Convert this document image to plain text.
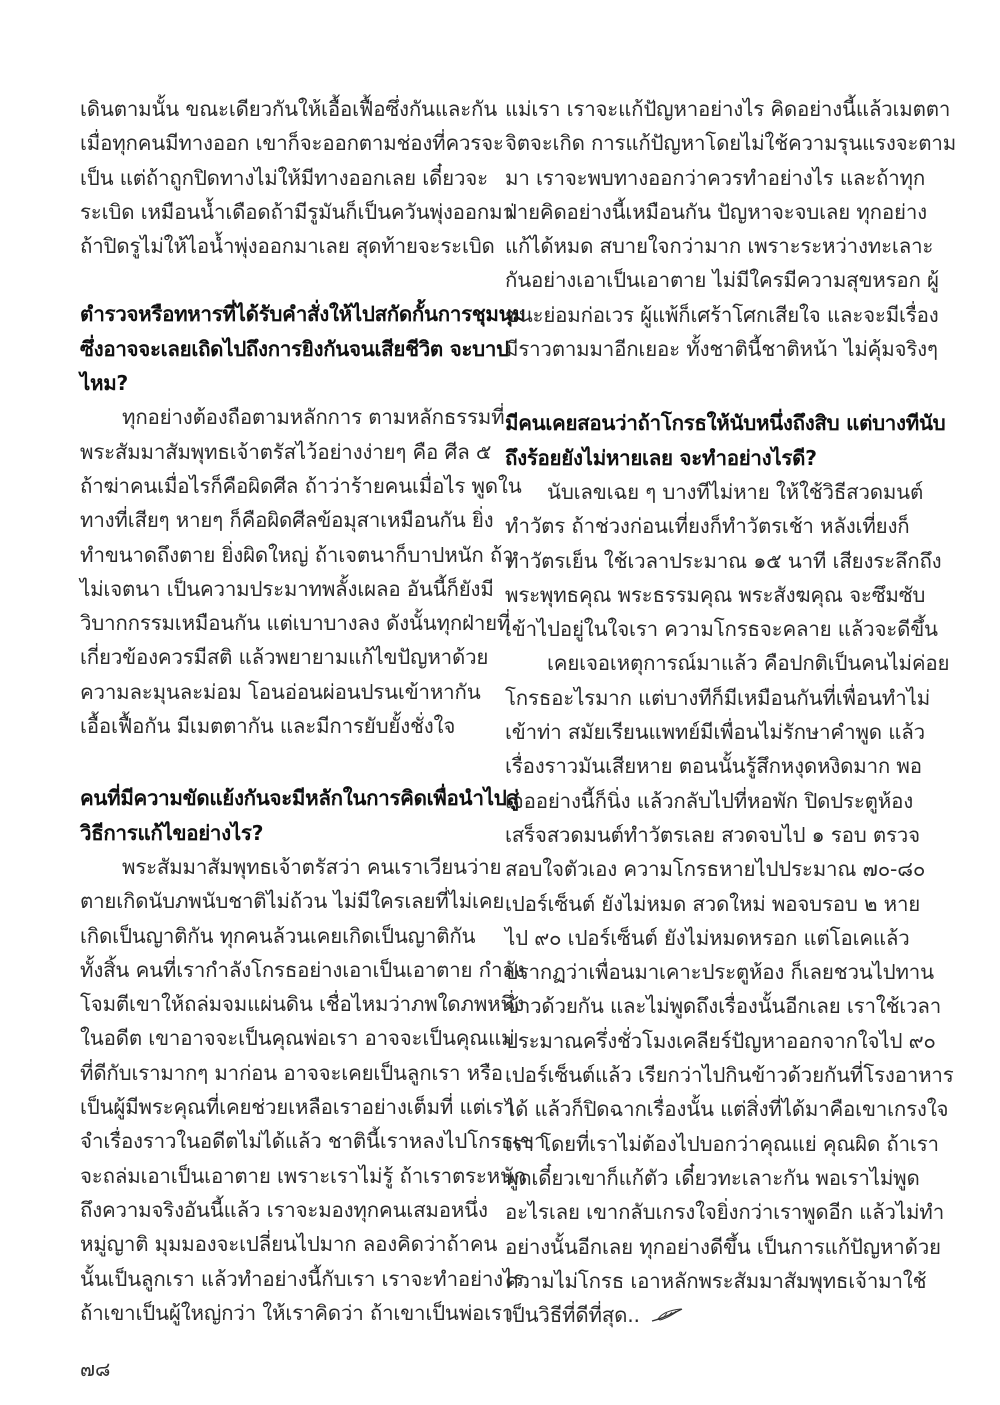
เดินตามนั้น ขณะเดียวกันให้เอื้อเฟื้อซึ่งกันและกัน
เมื่อทุกคนมีทางออก เขาก็จะออกตามช่องที่ควรจะ
เป็น แต่ถ้าถูกปิดทางไม่ให้มีทางออกเลย เดี๋ยวจะ
ระเบิด เหมือนน้ำเดือดถ้ามีรูมันก็เป็นควันพุ่งออกมา
ถ้าปิดรูไม่ให้ไอน้ำพุ่งออกมาเลย สุดท้ายจะระเบิด
ตำรวจหรือทหารที่ได้รับคำสั่งให้ไปสกัดกั้นการชุมนุม
ซึ่งอาจจะเลยเถิดไปถึงการยิงกันจนเสียชีวิต จะบาป
ไหม?
ทุกอย่างต้องถือตามหลักการ ตามหลักธรรมที่
พระสัมมาสัมพุทธเจ้าตรัสไว้อย่างง่ายๆ คือ ศีล ๕
ถ้าฆ่าคนเมื่อไรก็คือผิดศีล ถ้าว่าร้ายคนเมื่อไร พูดใน
ทางที่เสียๆ หายๆ ก็คือผิดศีลข้อมุสาเหมือนกัน ยิ่ง
ทำขนาดถึงตาย ยิ่งผิดใหญ่ ถ้าเจตนาก็บาปหนัก ถ้า
ไม่เจตนา เป็นความประมาทพลั้งเผลอ อันนี้ก็ยังมี
วิบากกรรมเหมือนกัน แต่เบาบางลง ดังนั้นทุกฝ่ายที่
เกี่ยวข้องควรมีสติ แล้วพยายามแก้ไขปัญหาด้วย
ความละมุนละม่อม โอนอ่อนผ่อนปรนเข้าหากัน
เอื้อเฟื้อกัน มีเมตตากัน และมีการยับยั้งชั่งใจ
คนที่มีความขัดแย้งกันจะมีหลักในการคิดเพื่อนำไปสู่
วิธีการแก้ไขอย่างไร?
พระสัมมาสัมพุทธเจ้าตรัสว่า คนเราเวียนว่าย
ตายเกิดนับภพนับชาติไม่ถ้วน ไม่มีใครเลยที่ไม่เคย
เกิดเป็นญาติกัน ทุกคนล้วนเคยเกิดเป็นญาติกัน
ทั้งสิ้น คนที่เรากำลังโกรธอย่างเอาเป็นเอาตาย กำลัง
โจมตีเขาให้ถล่มจมแผ่นดิน เชื่อไหมว่าภพใดภพหนึ่ง
ในอดีต เขาอาจจะเป็นคุณพ่อเรา อาจจะเป็นคุณแม่
ที่ดีกับเรามากๆ มาก่อน อาจจะเคยเป็นลูกเรา หรือ
เป็นผู้มีพระคุณที่เคยช่วยเหลือเราอย่างเต็มที่ แต่เรา
จำเรื่องราวในอดีตไม่ได้แล้ว ชาตินี้เราหลงไปโกรธเขา
จะถล่มเอาเป็นเอาตาย เพราะเราไม่รู้ ถ้าเราตระหนัก
ถึงความจริงอันนี้แล้ว เราจะมองทุกคนเสมอหนึ่ง
หมู่ญาติ มุมมองจะเปลี่ยนไปมาก ลองคิดว่าถ้าคน
นั้นเป็นลูกเรา แล้วทำอย่างนี้กับเรา เราจะทำอย่างไร
ถ้าเขาเป็นผู้ใหญ่กว่า ให้เราคิดว่า ถ้าเขาเป็นพ่อเรา
แม่เรา เราจะแก้ปัญหาอย่างไร คิดอย่างนี้แล้วเมตตา
จิตจะเกิด การแก้ปัญหาโดยไม่ใช้ความรุนแรงจะตาม
มา เราจะพบทางออกว่าควรทำอย่างไร และถ้าทุก
ฝ่ายคิดอย่างนี้เหมือนกัน ปัญหาจะจบเลย ทุกอย่าง
แก้ได้หมด สบายใจกว่ามาก เพราะระหว่างทะเลาะ
กันอย่างเอาเป็นเอาตาย ไม่มีใครมีความสุขหรอก ผู้
ชนะย่อมก่อเวร ผู้แพ้ก็เศร้าโศกเสียใจ และจะมีเรื่อง
มีราวตามมาอีกเยอะ ทั้งชาตินี้ชาติหน้า ไม่คุ้มจริงๆ
มีคนเคยสอนว่าถ้าโกรธให้นับหนึ่งถึงสิบ แต่บางทีนับ
ถึงร้อยยังไม่หายเลย จะทำอย่างไรดี?
นับเลขเฉย ๆ บางทีไม่หาย ให้ใช้วิธีสวดมนต์
ทำวัตร ถ้าช่วงก่อนเที่ยงก็ทำวัตรเช้า หลังเที่ยงก็
ทำวัตรเย็น ใช้เวลาประมาณ ๑๕ นาที เสียงระลึกถึง
พระพุทธคุณ พระธรรมคุณ พระสังฆคุณ จะซึมซับ
เข้าไปอยู่ในใจเรา ความโกรธจะคลาย แล้วจะดีขึ้น
เคยเจอเหตุการณ์มาแล้ว คือปกติเป็นคนไม่ค่อย
โกรธอะไรมาก แต่บางทีก็มีเหมือนกันที่เพื่อนทำไม่
เข้าท่า สมัยเรียนแพทย์มีเพื่อนไม่รักษาคำพูด แล้ว
เรื่องราวมันเสียหาย ตอนนั้นรู้สึกหงุดหงิดมาก พอ
เจออย่างนี้ก็นิ่ง แล้วกลับไปที่หอพัก ปิดประตูห้อง
เสร็จสวดมนต์ทำวัตรเลย สวดจบไป ๑ รอบ ตรวจ
สอบใจตัวเอง ความโกรธหายไปประมาณ ๗๐-๘๐
เปอร์เซ็นต์ ยังไม่หมด สวดใหม่ พอจบรอบ ๒ หาย
ไป ๙๐ เปอร์เซ็นต์ ยังไม่หมดหรอก แต่โอเคแล้ว
ปรากฏว่าเพื่อนมาเคาะประตูห้อง ก็เลยชวนไปทาน
ข้าวด้วยกัน และไม่พูดถึงเรื่องนั้นอีกเลย เราใช้เวลา
ประมาณครึ่งชั่วโมงเคลียร์ปัญหาออกจากใจไป ๙๐
เปอร์เซ็นต์แล้ว เรียกว่าไปกินข้าวด้วยกันที่โรงอาหาร
ได้ แล้วก็ปิดฉากเรื่องนั้น แต่สิ่งที่ได้มาคือเขาเกรงใจ
เรา โดยที่เราไม่ต้องไปบอกว่าคุณแย่ คุณผิด ถ้าเรา
พูดเดี๋ยวเขาก็แก้ตัว เดี๋ยวทะเลาะกัน พอเราไม่พูด
อะไรเลย เขากลับเกรงใจยิ่งกว่าเราพูดอีก แล้วไม่ทำ
อย่างนั้นอีกเลย ทุกอย่างดีขึ้น เป็นการแก้ปัญหาด้วย
ความไม่โกรธ เอาหลักพระสัมมาสัมพุทธเจ้ามาใช้
เป็นวิธีที่ดีที่สุด..
๗๘
